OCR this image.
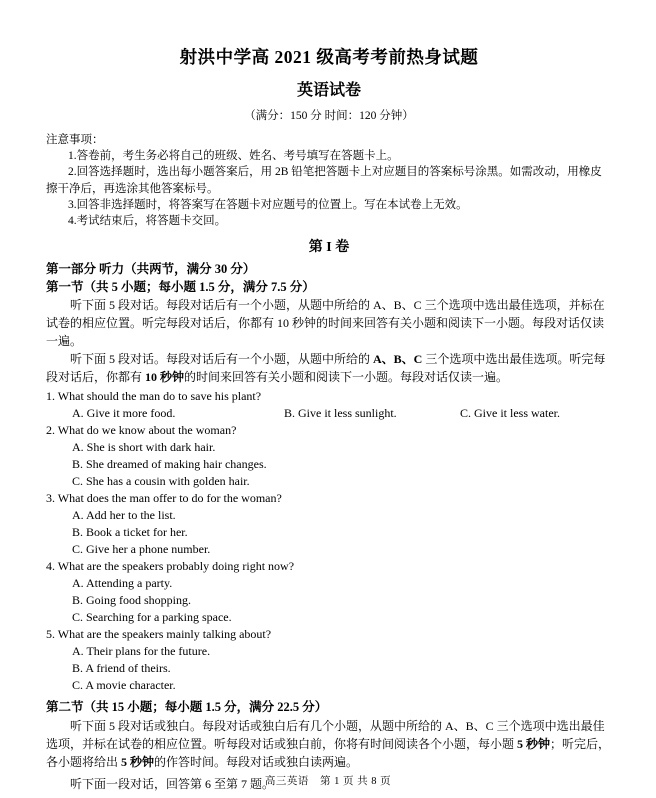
射洪中学高 2021 级高考考前热身试题
英语试卷
（满分：150 分 时间：120 分钟）
注意事项：
1.答卷前，考生务必将自己的班级、姓名、考号填写在答题卡上。
2.回答选择题时，选出每小题答案后，用 2B 铅笔把答题卡上对应题目的答案标号涂黑。如需改动，用橡皮擦干净后，再选涂其他答案标号。
3.回答非选择题时，将答案写在答题卡对应题号的位置上。写在本试卷上无效。
4.考试结束后，将答题卡交回。
第 I 卷
第一部分 听力（共两节，满分 30 分）
第一节（共 5 小题；每小题 1.5 分，满分 7.5 分）
听下面 5 段对话。每段对话后有一个小题，从题中所给的 A、B、C 三个选项中选出最佳选项，并标在试卷的相应位置。听完每段对话后，你都有 10 秒钟的时间来回答有关小题和阅读下一小题。每段对话仅读一遍。
听下面 5 段对话。每段对话后有一个小题，从题中所给的 A、B、C 三个选项中选出最佳选项。听完每段对话后，你都有 10 秒钟的时间来回答有关小题和阅读下一小题。每段对话仅读一遍。
1. What should the man do to save his plant?
A. Give it more food.	B. Give it less sunlight.	C. Give it less water.
2. What do we know about the woman?
A. She is short with dark hair.
B. She dreamed of making hair changes.
C. She has a cousin with golden hair.
3. What does the man offer to do for the woman?
A. Add her to the list.
B. Book a ticket for her.
C. Give her a phone number.
4. What are the speakers probably doing right now?
A. Attending a party.
B. Going food shopping.
C. Searching for a parking space.
5. What are the speakers mainly talking about?
A. Their plans for the future.
B. A friend of theirs.
C. A movie character.
第二节（共 15 小题；每小题 1.5 分，满分 22.5 分）
听下面 5 段对话或独白。每段对话或独白后有几个小题，从题中所给的 A、B、C 三个选项中选出最佳选项，并标在试卷的相应位置。听每段对话或独白前，你将有时间阅读各个小题，每小题 5 秒钟；听完后，各小题将给出 5 秒钟的作答时间。每段对话或独白读两遍。
听下面一段对话，回答第 6 至第 7 题。
高三英语 第 1 页 共 8 页
